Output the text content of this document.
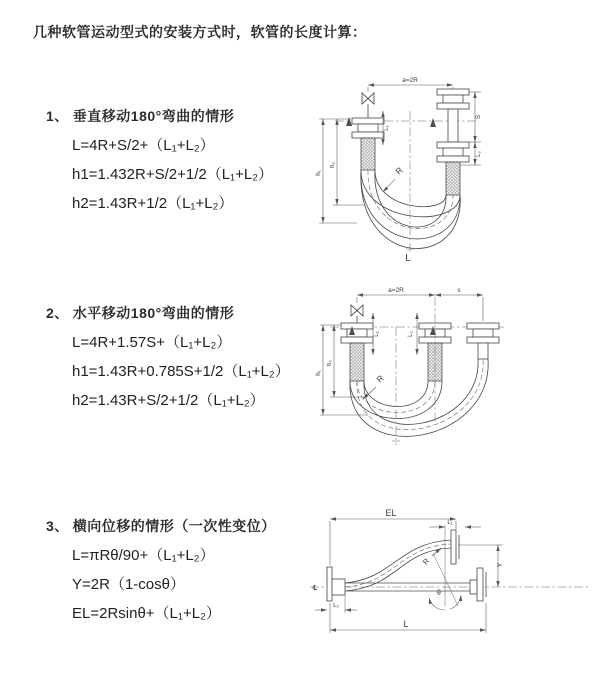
几种软管运动型式的安装方式时，软管的长度计算：
1、 垂直移动180°弯曲的情形
L=4R+S/2+（L₁+L₂）
h1=1.432R+S/2+1/2（L₁+L₂）
h2=1.43R+1/2（L₁+L₂）
2、 水平移动180°弯曲的情形
L=4R+1.57S+（L₁+L₂）
h1=1.43R+0.785S+1/2（L₁+L₂）
h2=1.43R+S/2+1/2（L₁+L₂）
3、 横向位移的情形（一次性变位）
L=πRθ/90+（L₁+L₂）
Y=2R（1-cosθ）
EL=2Rsinθ+（L₁+L₂）
a=2R
L₁
S
L₂
h₁
h₂
R
L
a=2R	s
L₁	L₂
h₁
h₂
R
EL
L₁
θ
Y
℄
R
L₂
L
